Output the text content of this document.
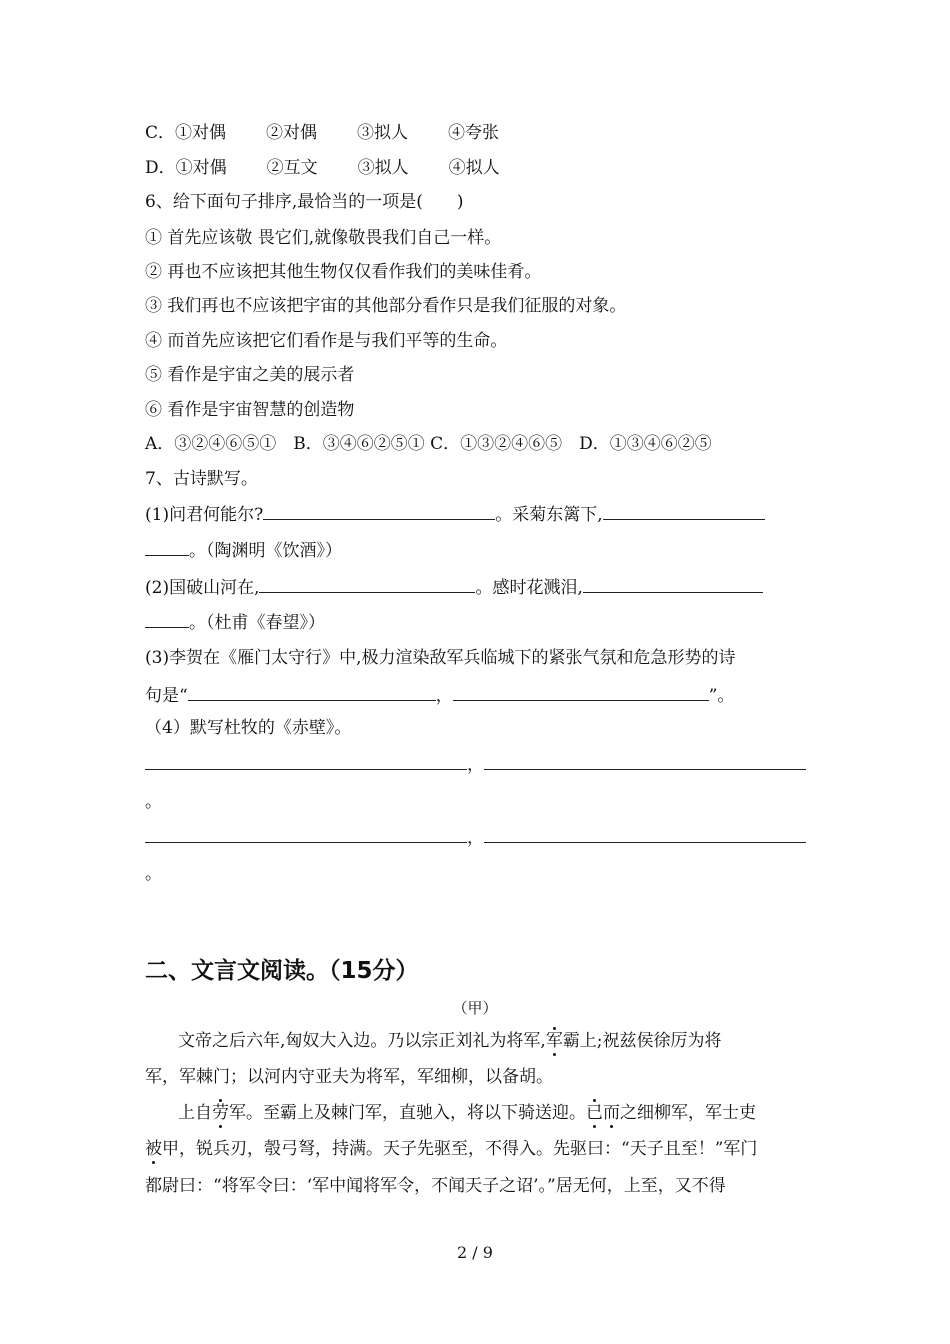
C．①对偶 ②对偶 ③拟人 ④夸张
D．①对偶 ②互文 ③拟人 ④拟人
6、给下面句子排序,最恰当的一项是(　　)
① 首先应该敬 畏它们,就像敬畏我们自己一样。
② 再也不应该把其他生物仅仅看作我们的美味佳肴。
③ 我们再也不应该把宇宙的其他部分看作只是我们征服的对象。
④ 而首先应该把它们看作是与我们平等的生命。
⑤ 看作是宇宙之美的展示者
⑥ 看作是宇宙智慧的创造物
A．③②④⑥⑤①　B．③④⑥②⑤① C．①③②④⑥⑤　D．①③④⑥②⑤
7、古诗默写。
(1)问君何能尔?	。采菊东篱下,
。（陶渊明《饮酒》）
(2)国破山河在,	。感时花溅泪,
。（杜甫《春望》）
(3)李贺在《雁门太守行》中,极力渲染敌军兵临城下的紧张气氛和危急形势的诗
句是“	，	”。
（4）默写杜牧的《赤壁》。
，
。
，
。
二、文言文阅读。（15分）
（甲）
文帝之后六年,匈奴大入边。乃以宗正刘礼为将军,军霸上;祝兹侯徐厉为将
军，军棘门；以河内守亚夫为将军，军细柳，以备胡。
上自劳军。至霸上及棘门军，直驰入，将以下骑送迎。已而之细柳军，军士吏
被甲，锐兵刃，彀弓弩，持满。天子先驱至，不得入。先驱曰：“天子且至！”军门
都尉曰：“将军令曰：‘军中闻将军令，不闻天子之诏’。”居无何，上至，又不得
2 / 9
